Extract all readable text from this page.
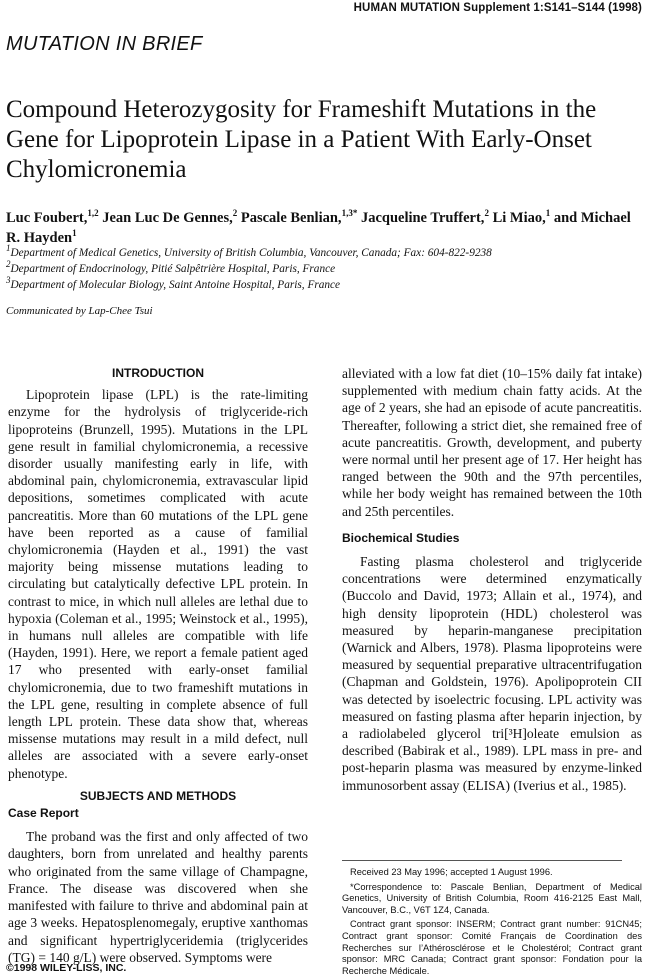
HUMAN MUTATION Supplement 1:S141–S144 (1998)
MUTATION IN BRIEF
Compound Heterozygosity for Frameshift Mutations in the Gene for Lipoprotein Lipase in a Patient With Early-Onset Chylomicronemia
Luc Foubert,$^{1,2}$ Jean Luc De Gennes,$^2$ Pascale Benlian,$^{1,3*}$ Jacqueline Truffert,$^2$ Li Miao,$^1$ and Michael R. Hayden$^1$
$^1$Department of Medical Genetics, University of British Columbia, Vancouver, Canada; Fax: 604-822-9238
$^2$Department of Endocrinology, Pitié Salpêtrière Hospital, Paris, France
$^3$Department of Molecular Biology, Saint Antoine Hospital, Paris, France
Communicated by Lap-Chee Tsui
INTRODUCTION

Lipoprotein lipase (LPL) is the rate-limiting enzyme for the hydrolysis of triglyceride-rich lipoproteins (Brunzell, 1995). Mutations in the LPL gene result in familial chylomicronemia, a recessive disorder usually manifesting early in life, with abdominal pain, chylomicronemia, extravascular lipid depositions, sometimes complicated with acute pancreatitis. More than 60 mutations of the LPL gene have been reported as a cause of familial chylomicronemia (Hayden et al., 1991) the vast majority being missense mutations leading to circulating but catalytically defective LPL protein. In contrast to mice, in which null alleles are lethal due to hypoxia (Coleman et al., 1995; Weinstock et al., 1995), in humans null alleles are compatible with life (Hayden, 1991). Here, we report a female patient aged 17 who presented with early-onset familial chylomicronemia, due to two frameshift mutations in the LPL gene, resulting in complete absence of full length LPL protein. These data show that, whereas missense mutations may result in a mild defect, null alleles are associated with a severe early-onset phenotype.

SUBJECTS AND METHODS
Case Report

The proband was the first and only affected of two daughters, born from unrelated and healthy parents who originated from the same village of Champagne, France. The disease was discovered when she manifested with failure to thrive and abdominal pain at age 3 weeks. Hepatosplenomegaly, eruptive xanthomas and significant hypertriglyceridemia (triglycerides (TG) = 140 g/L) were observed. Symptoms were

alleviated with a low fat diet (10–15% daily fat intake) supplemented with medium chain fatty acids. At the age of 2 years, she had an episode of acute pancreatitis. Thereafter, following a strict diet, she remained free of acute pancreatitis. Growth, development, and puberty were normal until her present age of 17. Her height has ranged between the 90th and the 97th percentiles, while her body weight has remained between the 10th and 25th percentiles.

Biochemical Studies

Fasting plasma cholesterol and triglyceride concentrations were determined enzymatically (Buccolo and David, 1973; Allain et al., 1974), and high density lipoprotein (HDL) cholesterol was measured by heparin-manganese precipitation (Warnick and Albers, 1978). Plasma lipoproteins were measured by sequential preparative ultracentrifugation (Chapman and Goldstein, 1976). Apolipoprotein CII was detected by isoelectric focusing. LPL activity was measured on fasting plasma after heparin injection, by a radiolabeled glycerol tri[³H]oleate emulsion as described (Babirak et al., 1989). LPL mass in pre- and post-heparin plasma was measured by enzyme-linked immunosorbent assay (ELISA) (Iverius et al., 1985).

Received 23 May 1996; accepted 1 August 1996.

*Correspondence to: Pascale Benlian, Department of Medical Genetics, University of British Columbia, Room 416-2125 East Mall, Vancouver, B.C., V6T 1Z4, Canada.

Contract grant sponsor: INSERM; Contract grant number: 91CN45; Contract grant sponsor: Comité Français de Coordination des Recherches sur l’Athérosclérose et le Cholestérol; Contract grant sponsor: MRC Canada; Contract grant sponsor: Fondation pour la Recherche Médicale.

©1998 WILEY-LISS, INC.
